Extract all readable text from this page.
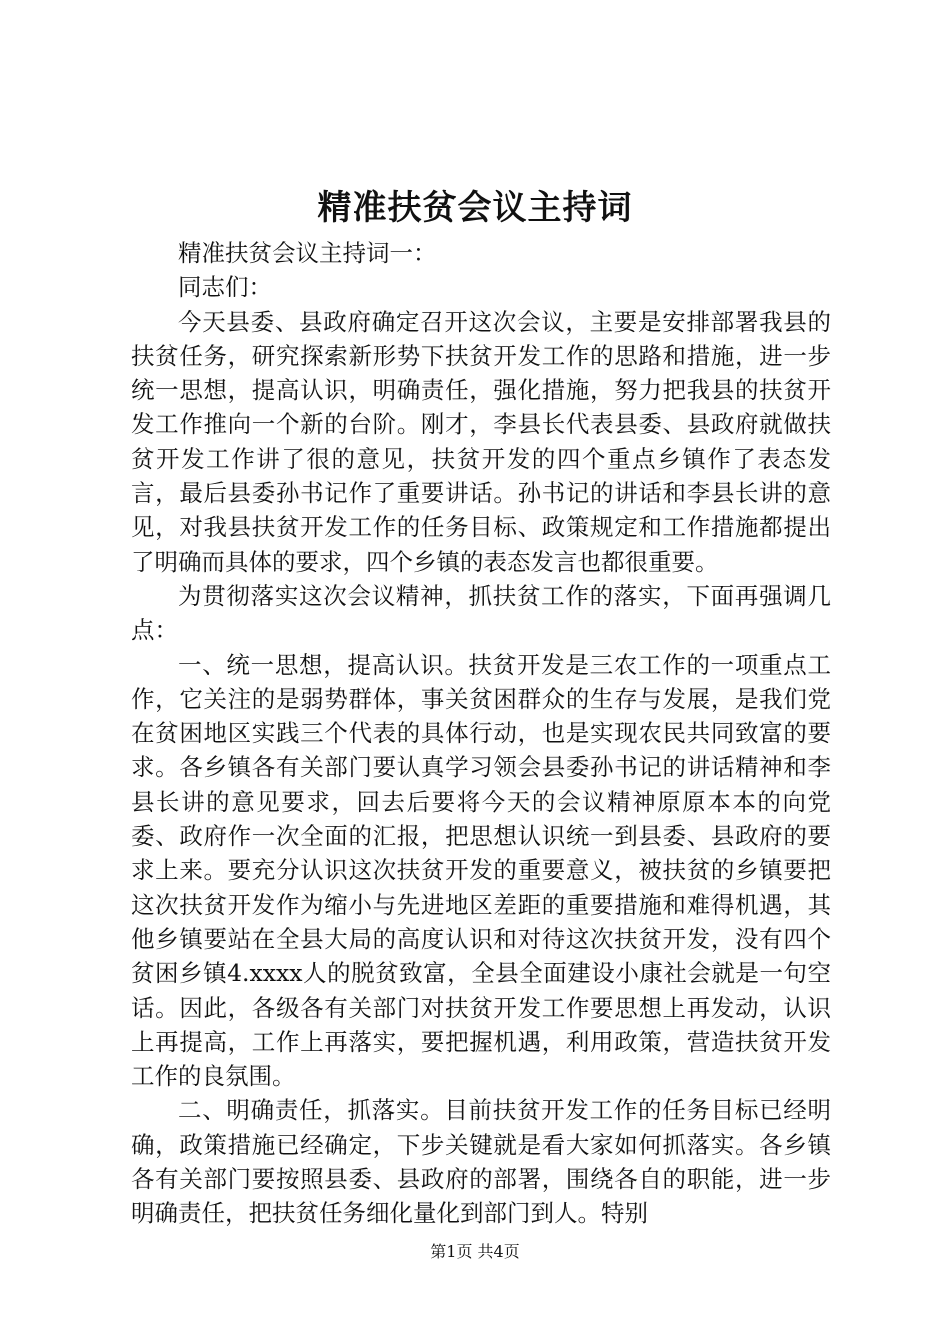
精准扶贫会议主持词

精准扶贫会议主持词一：

同志们：

今天县委、县政府确定召开这次会议，主要是安排部署我县的扶贫任务，研究探索新形势下扶贫开发工作的思路和措施，进一步统一思想，提高认识，明确责任，强化措施，努力把我县的扶贫开发工作推向一个新的台阶。刚才，李县长代表县委、县政府就做扶贫开发工作讲了很的意见，扶贫开发的四个重点乡镇作了表态发言，最后县委孙书记作了重要讲话。孙书记的讲话和李县长讲的意见，对我县扶贫开发工作的任务目标、政策规定和工作措施都提出了明确而具体的要求，四个乡镇的表态发言也都很重要。

为贯彻落实这次会议精神，抓扶贫工作的落实，下面再强调几点：

一、统一思想，提高认识。扶贫开发是三农工作的一项重点工作，它关注的是弱势群体，事关贫困群众的生存与发展，是我们党在贫困地区实践三个代表的具体行动，也是实现农民共同致富的要求。各乡镇各有关部门要认真学习领会县委孙书记的讲话精神和李县长讲的意见要求，回去后要将今天的会议精神原原本本的向党委、政府作一次全面的汇报，把思想认识统一到县委、县政府的要求上来。要充分认识这次扶贫开发的重要意义，被扶贫的乡镇要把这次扶贫开发作为缩小与先进地区差距的重要措施和难得机遇，其他乡镇要站在全县大局的高度认识和对待这次扶贫开发，没有四个贫困乡镇4.xxxx人的脱贫致富，全县全面建设小康社会就是一句空话。因此，各级各有关部门对扶贫开发工作要思想上再发动，认识上再提高，工作上再落实，要把握机遇，利用政策，营造扶贫开发工作的良氛围。

二、明确责任，抓落实。目前扶贫开发工作的任务目标已经明确，政策措施已经确定，下步关键就是看大家如何抓落实。各乡镇各有关部门要按照县委、县政府的部署，围绕各自的职能，进一步明确责任，把扶贫任务细化量化到部门到人。特别

第1页 共4页
